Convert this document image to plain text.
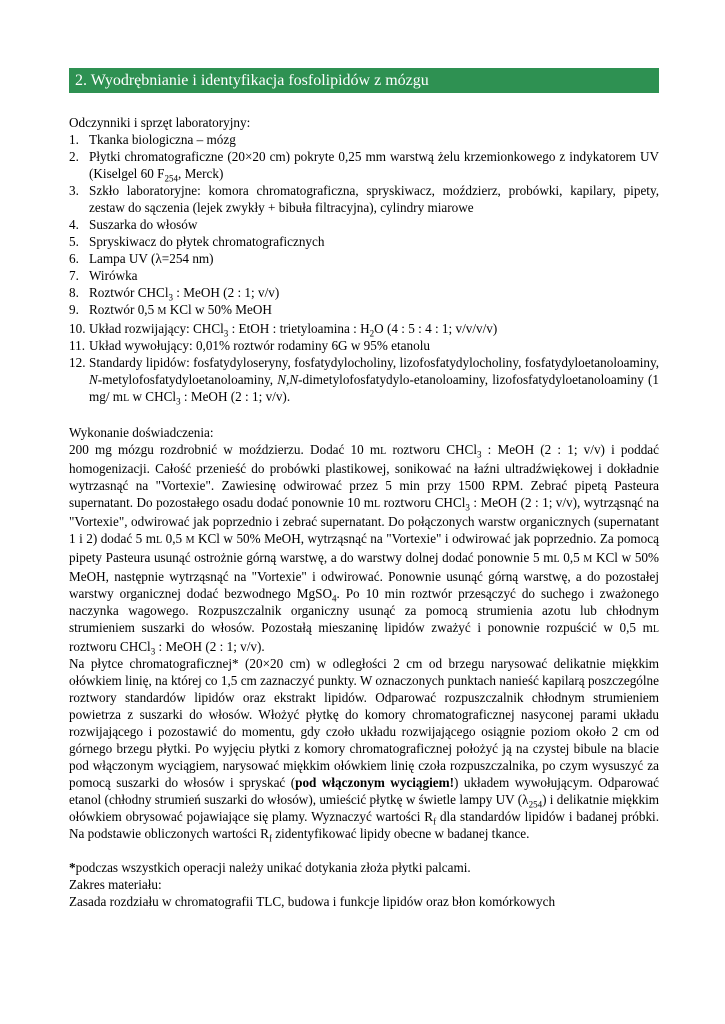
2. Wyodrębnianie i identyfikacja fosfolipidów z mózgu
Odczynniki i sprzęt laboratoryjny:
1. Tkanka biologiczna – mózg
2. Płytki chromatograficzne (20×20 cm) pokryte 0,25 mm warstwą żelu krzemionkowego z indykatorem UV (Kiselgel 60 $F_{254}$, Merck)
3. Szkło laboratoryjne: komora chromatograficzna, spryskiwacz, moździerz, probówki, kapilary, pipety, zestaw do sączenia (lejek zwykły + bibuła filtracyjna), cylindry miarowe
4. Suszarka do włosów
5. Spryskiwacz do płytek chromatograficznych
6. Lampa UV (λ=254 nm)
7. Wirówka
8. Roztwór CHCl$_3$ : MeOH (2 : 1; v/v)
9. Roztwór 0,5 M KCl w 50% MeOH
10. Układ rozwijający: CHCl$_3$ : EtOH : trietyloamina : $H_2O$ (4 : 5 : 4 : 1; v/v/v/v)
11. Układ wywołujący: 0,01% roztwór rodaminy 6G w 95% etanolu
12. Standardy lipidów: fosfatydyloseryny, fosfatydylocholiny, lizofosfatydylocholiny, fosfatydyloetanoloaminy, N-metylofosfatydyloetanoloaminy, N,N-dimetylofosfatydylo-etanoloaminy, lizofosfatydyloetanoloaminy (1 mg/ mL w CHCl$_3$ : MeOH (2 : 1; v/v).
Wykonanie doświadczenia:
200 mg mózgu rozdrobnić w moździerzu. Dodać 10 mL roztworu CHCl$_3$ : MeOH (2 : 1; v/v) i poddać homogenizacji. Całość przenieść do probówki plastikowej, sonikować na łaźni ultradźwiękowej i dokładnie wytrzasnąć na "Vortexie". Zawiesinę odwirować przez 5 min przy 1500 RPM. Zebrać pipetą Pasteura supernatant. Do pozostałego osadu dodać ponownie 10 mL roztworu CHCl$_3$ : MeOH (2 : 1; v/v), wytrząsnąć na "Vortexie", odwirować jak poprzednio i zebrać supernatant. Do połączonych warstw organicznych (supernatant 1 i 2) dodać 5 mL 0,5 M KCl w 50% MeOH, wytrząsnąć na "Vortexie" i odwirować jak poprzednio. Za pomocą pipety Pasteura usunąć ostrożnie górną warstwę, a do warstwy dolnej dodać ponownie 5 mL 0,5 M KCl w 50% MeOH, następnie wytrząsnąć na "Vortexie" i odwirować. Ponownie usunąć górną warstwę, a do pozostałej warstwy organicznej dodać bezwodnego MgSO$_4$. Po 10 min roztwór przesączyć do suchego i zważonego naczynka wagowego. Rozpuszczalnik organiczny usunąć za pomocą strumienia azotu lub chłodnym strumieniem suszarki do włosów. Pozostałą mieszaninę lipidów zważyć i ponownie rozpuścić w 0,5 mL roztworu CHCl$_3$ : MeOH (2 : 1; v/v).
Na płytce chromatograficznej* (20×20 cm) w odległości 2 cm od brzegu narysować delikatnie miękkim ołówkiem linię, na której co 1,5 cm zaznaczyć punkty. W oznaczonych punktach nanieść kapilarą poszczególne roztwory standardów lipidów oraz ekstrakt lipidów. Odparować rozpuszczalnik chłodnym strumieniem powietrza z suszarki do włosów. Włożyć płytkę do komory chromatograficznej nasyconej parami układu rozwijającego i pozostawić do momentu, gdy czoło układu rozwijającego osiągnie poziom około 2 cm od górnego brzegu płytki. Po wyjęciu płytki z komory chromatograficznej położyć ją na czystej bibule na blacie pod włączonym wyciągiem, narysować miękkim ołówkiem linię czoła rozpuszczalnika, po czym wysuszyć za pomocą suszarki do włosów i spryskać (pod włączonym wyciągiem!) układem wywołującym. Odparować etanol (chłodny strumień suszarki do włosów), umieścić płytkę w świetle lampy UV $(\lambda_{254})$ i delikatnie miękkim ołówkiem obrysować pojawiające się plamy. Wyznaczyć wartości $R_f$ dla standardów lipidów i badanej próbki. Na podstawie obliczonych wartości $R_f$ zidentyfikować lipidy obecne w badanej tkance.
*podczas wszystkich operacji należy unikać dotykania złoża płytki palcami.
Zakres materiału:
Zasada rozdziału w chromatografii TLC, budowa i funkcje lipidów oraz błon komórkowych
